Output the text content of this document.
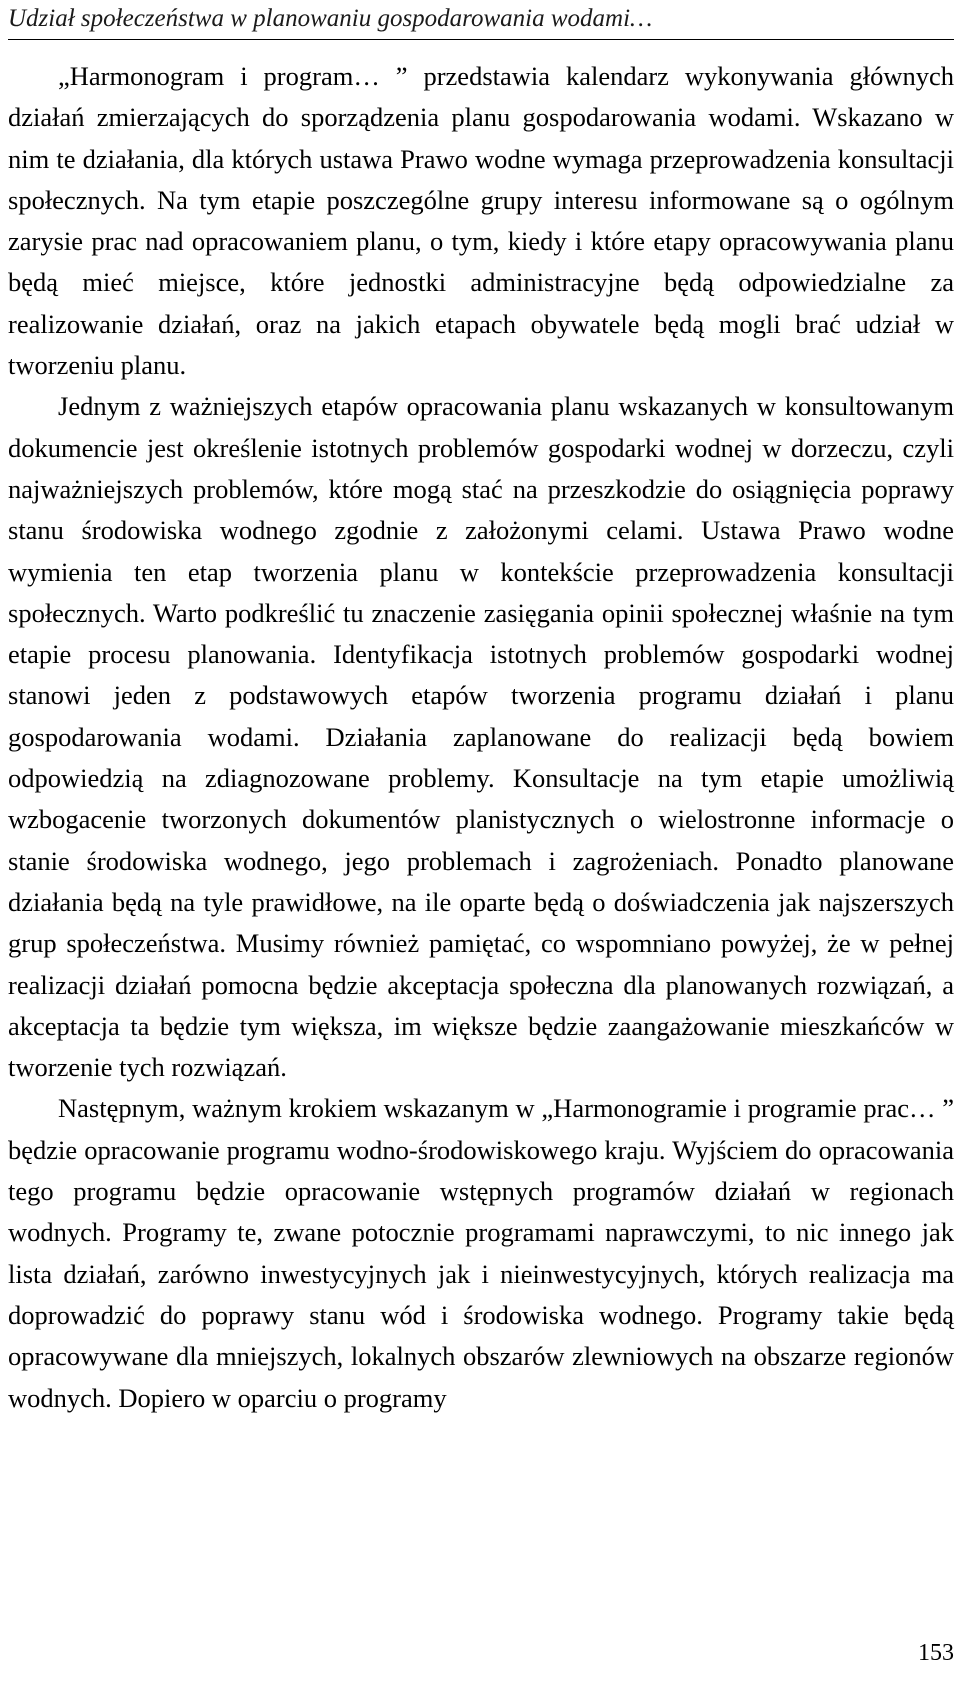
Udział społeczeństwa w planowaniu gospodarowania wodami…

„Harmonogram i program… ” przedstawia kalendarz wykonywania głównych działań zmierzających do sporządzenia planu gospodarowania wodami. Wskazano w nim te działania, dla których ustawa Prawo wodne wymaga przeprowadzenia konsultacji społecznych. Na tym etapie poszczególne grupy interesu informowane są o ogólnym zarysie prac nad opracowaniem planu, o tym, kiedy i które etapy opracowywania planu będą mieć miejsce, które jednostki administracyjne będą odpowiedzialne za realizowanie działań, oraz na jakich etapach obywatele będą mogli brać udział w tworzeniu planu.

Jednym z ważniejszych etapów opracowania planu wskazanych w konsultowanym dokumencie jest określenie istotnych problemów gospodarki wodnej w dorzeczu, czyli najważniejszych problemów, które mogą stać na przeszkodzie do osiągnięcia poprawy stanu środowiska wodnego zgodnie z założonymi celami. Ustawa Prawo wodne wymienia ten etap tworzenia planu w kontekście przeprowadzenia konsultacji społecznych. Warto podkreślić tu znaczenie zasięgania opinii społecznej właśnie na tym etapie procesu planowania. Identyfikacja istotnych problemów gospodarki wodnej stanowi jeden z podstawowych etapów tworzenia programu działań i planu gospodarowania wodami. Działania zaplanowane do realizacji będą bowiem odpowiedzią na zdiagnozowane problemy. Konsultacje na tym etapie umożliwią wzbogacenie tworzonych dokumentów planistycznych o wielostronne informacje o stanie środowiska wodnego, jego problemach i zagrożeniach. Ponadto planowane działania będą na tyle prawidłowe, na ile oparte będą o doświadczenia jak najszerszych grup społeczeństwa. Musimy również pamiętać, co wspomniano powyżej, że w pełnej realizacji działań pomocna będzie akceptacja społeczna dla planowanych rozwiązań, a akceptacja ta będzie tym większa, im większe będzie zaangażowanie mieszkańców w tworzenie tych rozwiązań.

Następnym, ważnym krokiem wskazanym w „Harmonogramie i programie prac… ” będzie opracowanie programu wodno-środowiskowego kraju. Wyjściem do opracowania tego programu będzie opracowanie wstępnych programów działań w regionach wodnych. Programy te, zwane potocznie programami naprawczymi, to nic innego jak lista działań, zarówno inwestycyjnych jak i nieinwestycyjnych, których realizacja ma doprowadzić do poprawy stanu wód i środowiska wodnego. Programy takie będą opracowywane dla mniejszych, lokalnych obszarów zlewniowych na obszarze regionów wodnych. Dopiero w oparciu o programy

153
